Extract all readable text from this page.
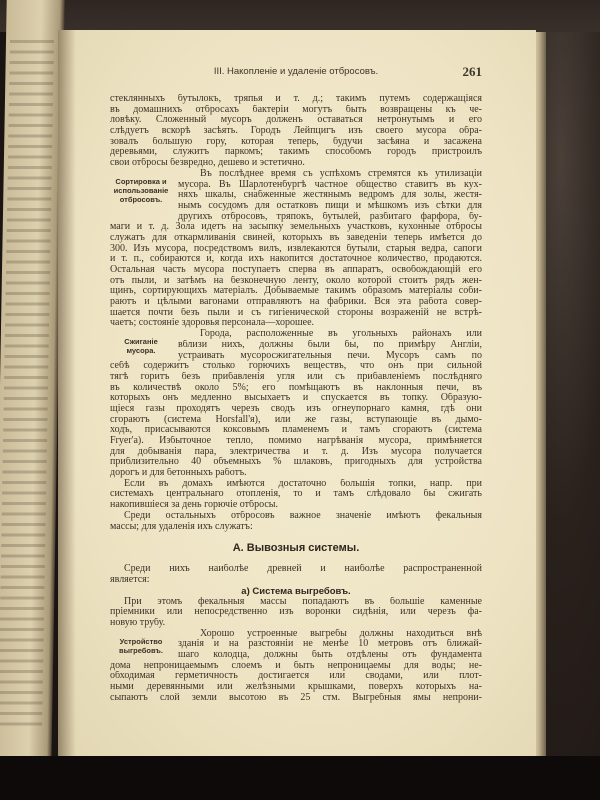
III. Накопленіе и удаленіе отбросовъ.	261
стеклянныхъ бутылокъ, тряпья и т. д.; такимъ путемъ содержащіяся
въ домашнихъ отбросахъ бактеріи могутъ быть возвращены къ че-
ловѣку. Сложенный мусоръ долженъ оставаться нетронутымъ и его
слѣдуетъ вскорѣ засѣять. Городъ Лейпцигъ изъ своего мусора обра-
зовалъ большую гору, которая теперь, будучи засѣяна и засажена
деревьями, служитъ паркомъ; такимъ способомъ городъ пристроилъ
свои отбросы безвредно, дешево и эстетично.
Сортировка и
использованіе
отбросовъ.
Въ послѣднее время съ успѣхомъ стремятся къ утилизаціи
мусора. Въ Шарлотенбургѣ частное общество ставитъ въ кух-
няхъ шкалы, снабженные жестянымъ ведромъ для золы, жестя-
нымъ сосудомъ для остатковъ пищи и мѣшкомъ изъ сѣтки для
другихъ отбросовъ, тряпокъ, бутылей, разбитаго фарфора, бу-
маги и т. д. Зола идетъ на засыпку земельныхъ участковъ, кухонные отбросы
служатъ для откармливанія свиней, которыхъ въ заведеніи теперь имѣется до
300. Изъ мусора, посредствомъ вилъ, извлекаются бутыли, старыя ведра, сапоги
и т. п., собираются и, когда ихъ накопится достаточное количество, продаются.
Остальная часть мусора поступаетъ сперва въ аппаратъ, освобождающій его
отъ пыли, и затѣмъ на безконечную ленту, около которой стоитъ рядъ жен-
щинъ, сортирующихъ матеріалъ. Добываемые такимъ образомъ матеріалы соби-
раютъ и цѣлыми вагонами отправляютъ на фабрики. Вся эта работа совер-
шается почти безъ пыли и съ гигіенической стороны возраженій не встрѣ-
чаетъ; состояніе здоровья персонала—хорошее.
Сжиганіе
мусора.
Города, расположенные въ угольныхъ районахъ или
вблизи нихъ, должны были бы, по примѣру Англіи,
устраивать мусоросжигательныя печи. Мусоръ самъ по
себѣ содержитъ столько горючихъ веществъ, что онъ при сильной
тягѣ горитъ безъ прибавленія угля или съ прибавленіемъ послѣдняго
въ количествѣ около 5%; его помѣщаютъ въ наклонныя печи, въ
которыхъ онъ медленно высыхаетъ и спускается въ топку. Образую-
щіеся газы проходятъ черезъ сводъ изъ огнеупорнаго камня, гдѣ они
сгораютъ (система Horsfall'я), или же газы, вступающіе въ дымо-
ходъ, присасываются коксовымъ пламенемъ и тамъ сгораютъ (система
Fryer'а). Избыточное тепло, помимо нагрѣванія мусора, примѣняется
для добыванія пара, электричества и т. д. Изъ мусора получается
приблизительно 40 объемныхъ % шлаковъ, пригодныхъ для устройства
дорогъ и для бетонныхъ работъ.
Если въ домахъ имѣются достаточно большія топки, напр. при
системахъ центральнаго отопленія, то и тамъ слѣдовало бы сжигать
накопившіеся за день горючіе отбросы.
Среди остальныхъ отбросовъ важное значеніе имѣютъ фекальныя
массы; для удаленія ихъ служатъ:
А. Вывозныя системы.
Среди нихъ наиболѣе древней и наиболѣе распространенной
является:
а) Система выгребовъ.
При этомъ фекальныя массы попадаютъ въ большіе каменные
пріемники или непосредственно изъ воронки сидѣнія, или черезъ фа-
новую трубу.
Устройство
выгребовъ.
Хорошо устроенные выгребы должны находиться внѣ
зданія и на разстояніи не менѣе 10 метровъ отъ ближай-
шаго колодца, должны быть отдѣлены отъ фундамента
дома непроницаемымъ слоемъ и быть непроницаемы для воды; не-
обходимая герметичность достигается или сводами, или плот-
ными деревянными или желѣзными крышками, поверхъ которыхъ на-
сыпаютъ слой земли высотою въ 25 стм. Выгребныя ямы непрони-
